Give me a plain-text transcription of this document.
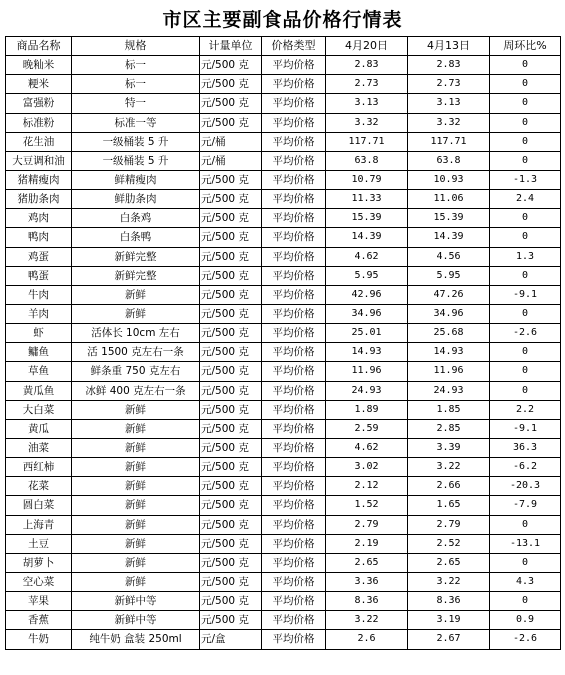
市区主要副食品价格行情表
商品名称	规格	计量单位	价格类型	4月20日	4月13日	周环比%
晚籼米	标一	元/500 克	平均价格	2.83	2.83	0
粳米	标一	元/500 克	平均价格	2.73	2.73	0
富强粉	特一	元/500 克	平均价格	3.13	3.13	0
标准粉	标准一等	元/500 克	平均价格	3.32	3.32	0
花生油	一级桶装 5 升	元/桶	平均价格	117.71	117.71	0
大豆调和油	一级桶装 5 升	元/桶	平均价格	63.8	63.8	0
猪精瘦肉	鲜精瘦肉	元/500 克	平均价格	10.79	10.93	-1.3
猪肋条肉	鲜肋条肉	元/500 克	平均价格	11.33	11.06	2.4
鸡肉	白条鸡	元/500 克	平均价格	15.39	15.39	0
鸭肉	白条鸭	元/500 克	平均价格	14.39	14.39	0
鸡蛋	新鲜完整	元/500 克	平均价格	4.62	4.56	1.3
鸭蛋	新鲜完整	元/500 克	平均价格	5.95	5.95	0
牛肉	新鲜	元/500 克	平均价格	42.96	47.26	-9.1
羊肉	新鲜	元/500 克	平均价格	34.96	34.96	0
虾	活体长 10cm 左右	元/500 克	平均价格	25.01	25.68	-2.6
鳙鱼	活 1500 克左右一条	元/500 克	平均价格	14.93	14.93	0
草鱼	鲜条重 750 克左右	元/500 克	平均价格	11.96	11.96	0
黄瓜鱼	冰鲜 400 克左右一条	元/500 克	平均价格	24.93	24.93	0
大白菜	新鲜	元/500 克	平均价格	1.89	1.85	2.2
黄瓜	新鲜	元/500 克	平均价格	2.59	2.85	-9.1
油菜	新鲜	元/500 克	平均价格	4.62	3.39	36.3
西红柿	新鲜	元/500 克	平均价格	3.02	3.22	-6.2
花菜	新鲜	元/500 克	平均价格	2.12	2.66	-20.3
圆白菜	新鲜	元/500 克	平均价格	1.52	1.65	-7.9
上海青	新鲜	元/500 克	平均价格	2.79	2.79	0
土豆	新鲜	元/500 克	平均价格	2.19	2.52	-13.1
胡萝卜	新鲜	元/500 克	平均价格	2.65	2.65	0
空心菜	新鲜	元/500 克	平均价格	3.36	3.22	4.3
苹果	新鲜中等	元/500 克	平均价格	8.36	8.36	0
香蕉	新鲜中等	元/500 克	平均价格	3.22	3.19	0.9
牛奶	纯牛奶 盒装 250ml	元/盒	平均价格	2.6	2.67	-2.6
